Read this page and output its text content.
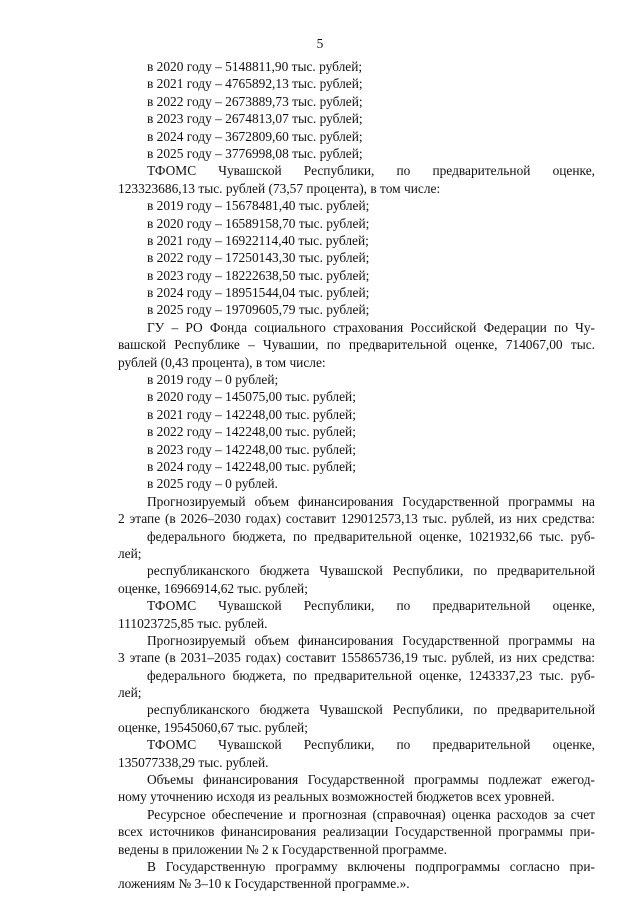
5
в 2020 году – 5148811,90 тыс. рублей;
в 2021 году – 4765892,13 тыс. рублей;
в 2022 году – 2673889,73 тыс. рублей;
в 2023 году – 2674813,07 тыс. рублей;
в 2024 году – 3672809,60 тыс. рублей;
в 2025 году – 3776998,08 тыс. рублей;
ТФОМС Чувашской Республики, по предварительной оценке,
123323686,13 тыс. рублей (73,57 процента), в том числе:
в 2019 году – 15678481,40 тыс. рублей;
в 2020 году – 16589158,70 тыс. рублей;
в 2021 году – 16922114,40 тыс. рублей;
в 2022 году – 17250143,30 тыс. рублей;
в 2023 году – 18222638,50 тыс. рублей;
в 2024 году – 18951544,04 тыс. рублей;
в 2025 году – 19709605,79 тыс. рублей;
ГУ – РО Фонда социального страхования Российской Федерации по Чу-
вашской Республике – Чувашии, по предварительной оценке, 714067,00 тыс.
рублей (0,43 процента), в том числе:
в 2019 году – 0 рублей;
в 2020 году – 145075,00 тыс. рублей;
в 2021 году – 142248,00 тыс. рублей;
в 2022 году – 142248,00 тыс. рублей;
в 2023 году – 142248,00 тыс. рублей;
в 2024 году – 142248,00 тыс. рублей;
в 2025 году – 0 рублей.
Прогнозируемый объем финансирования Государственной программы на
2 этапе (в 2026–2030 годах) составит 129012573,13 тыс. рублей, из них средства:
федерального бюджета, по предварительной оценке, 1021932,66 тыс. руб-
лей;
республиканского бюджета Чувашской Республики, по предварительной
оценке, 16966914,62 тыс. рублей;
ТФОМС Чувашской Республики, по предварительной оценке,
111023725,85 тыс. рублей.
Прогнозируемый объем финансирования Государственной программы на
3 этапе (в 2031–2035 годах) составит 155865736,19 тыс. рублей, из них средства:
федерального бюджета, по предварительной оценке, 1243337,23 тыс. руб-
лей;
республиканского бюджета Чувашской Республики, по предварительной
оценке, 19545060,67 тыс. рублей;
ТФОМС Чувашской Республики, по предварительной оценке,
135077338,29 тыс. рублей.
Объемы финансирования Государственной программы подлежат ежегод-
ному уточнению исходя из реальных возможностей бюджетов всех уровней.
Ресурсное обеспечение и прогнозная (справочная) оценка расходов за счет
всех источников финансирования реализации Государственной программы при-
ведены в приложении № 2 к Государственной программе.
В Государственную программу включены подпрограммы согласно при-
ложениям № 3–10 к Государственной программе.».
